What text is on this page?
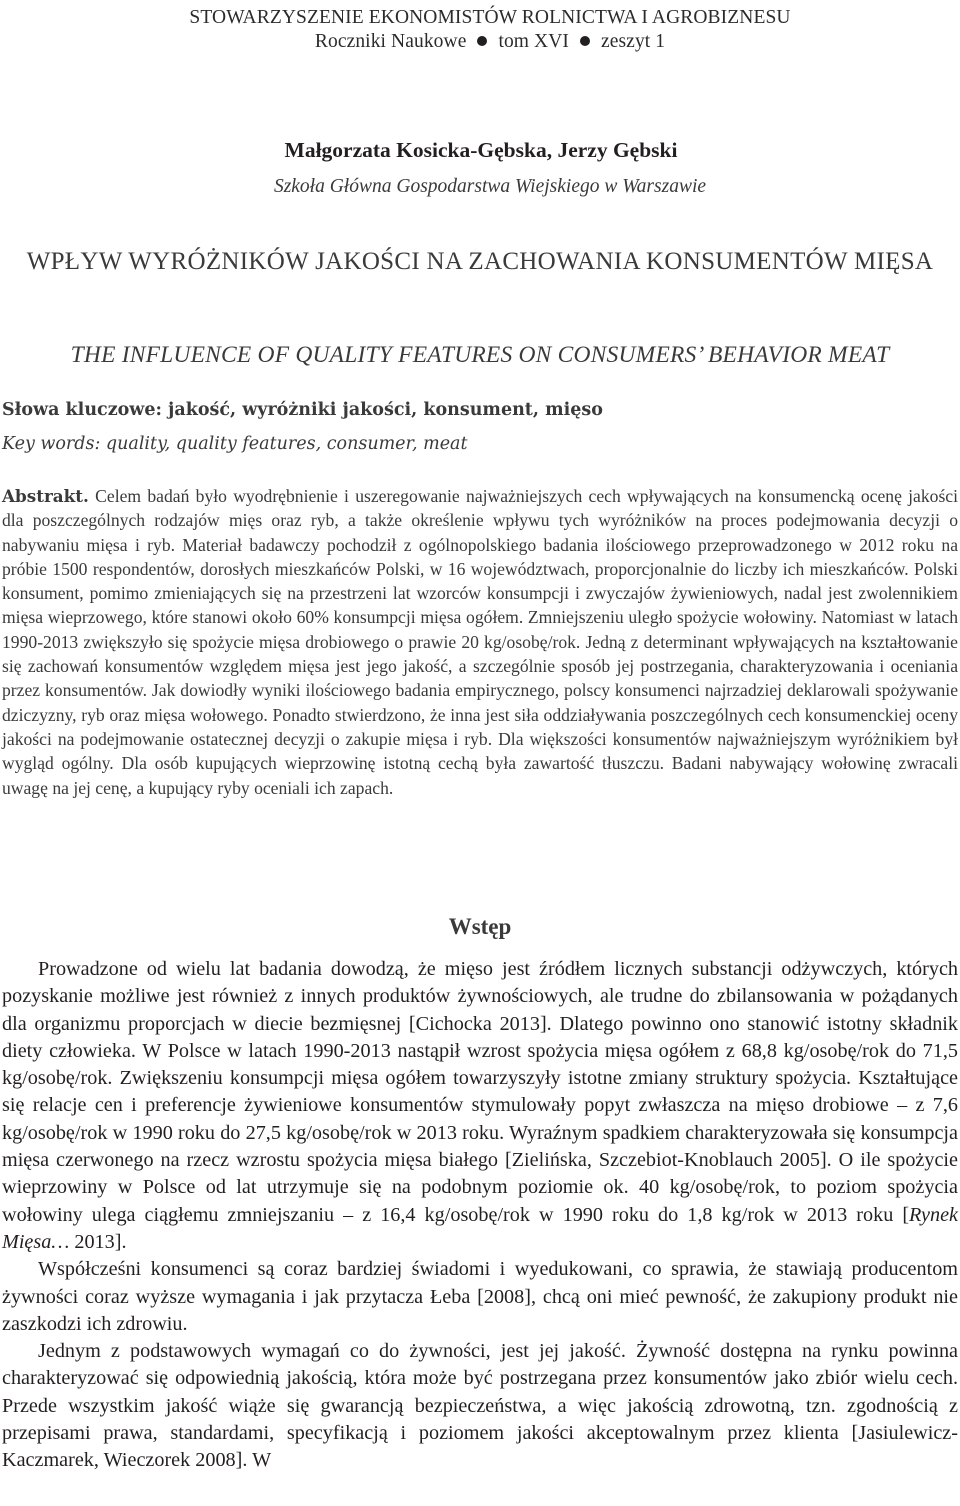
STOWARZYSZENIE EKONOMISTÓW ROLNICTWA I AGROBIZNESU
Roczniki Naukowe tom XVI zeszyt 1
Małgorzata Kosicka-Gębska, Jerzy Gębski
Szkoła Główna Gospodarstwa Wiejskiego w Warszawie
WPŁYW WYRÓŻNIKÓW JAKOŚCI NA ZACHOWANIA KONSUMENTÓW MIĘSA
THE INFLUENCE OF QUALITY FEATURES ON CONSUMERS’ BEHAVIOR MEAT
Słowa kluczowe: jakość, wyróżniki jakości, konsument, mięso
Key words: quality, quality features, consumer, meat
Abstrakt. Celem badań było wyodrębnienie i uszeregowanie najważniejszych cech wpływających na konsumencką ocenę jakości dla poszczególnych rodzajów mięs oraz ryb, a także określenie wpływu tych wyróżników na proces podejmowania decyzji o nabywaniu mięsa i ryb. Materiał badawczy pochodził z ogólnopolskiego badania ilościowego przeprowadzonego w 2012 roku na próbie 1500 respondentów, dorosłych mieszkańców Polski, w 16 województwach, proporcjonalnie do liczby ich mieszkańców. Polski konsument, pomimo zmieniających się na przestrzeni lat wzorców konsumpcji i zwyczajów żywieniowych, nadal jest zwolennikiem mięsa wieprzowego, które stanowi około 60% konsumpcji mięsa ogółem. Zmniejszeniu uległo spożycie wołowiny. Natomiast w latach 1990-2013 zwiększyło się spożycie mięsa drobiowego o prawie 20 kg/osobę/rok. Jedną z determinant wpływających na kształtowanie się zachowań konsumentów względem mięsa jest jego jakość, a szczególnie sposób jej postrzegania, charakteryzowania i oceniania przez konsumentów. Jak dowiodły wyniki ilościowego badania empirycznego, polscy konsumenci najrzadziej deklarowali spożywanie dziczyzny, ryb oraz mięsa wołowego. Ponadto stwierdzono, że inna jest siła oddziaływania poszczególnych cech konsumenckiej oceny jakości na podejmowanie ostatecznej decyzji o zakupie mięsa i ryb. Dla większości konsumentów najważniejszym wyróżnikiem był wygląd ogólny. Dla osób kupujących wieprzowinę istotną cechą była zawartość tłuszczu. Badani nabywający wołowinę zwracali uwagę na jej cenę, a kupujący ryby oceniali ich zapach.
Wstęp

Prowadzone od wielu lat badania dowodzą, że mięso jest źródłem licznych substancji odżywczych, których pozyskanie możliwe jest również z innych produktów żywnościowych, ale trudne do zbilansowania w pożądanych dla organizmu proporcjach w diecie bezmięsnej [Cichocka 2013]. Dlatego powinno ono stanowić istotny składnik diety człowieka. W Polsce w latach 1990-2013 nastąpił wzrost spożycia mięsa ogółem z 68,8 kg/osobę/rok do 71,5 kg/osobę/rok. Zwiększeniu konsumpcji mięsa ogółem towarzyszyły istotne zmiany struktury spożycia. Kształtujące się relacje cen i preferencje żywieniowe konsumentów stymulowały popyt zwłaszcza na mięso drobiowe – z 7,6 kg/osobę/rok w 1990 roku do 27,5 kg/osobę/rok w 2013 roku. Wyraźnym spadkiem charakteryzowała się konsumpcja mięsa czerwonego na rzecz wzrostu spożycia mięsa białego [Zielińska, Szczebiot-Knoblauch 2005]. O ile spożycie wieprzowiny w Polsce od lat utrzymuje się na podobnym poziomie ok. 40 kg/osobę/rok, to poziom spożycia wołowiny ulega ciągłemu zmniejszaniu – z 16,4 kg/osobę/rok w 1990 roku do 1,8 kg/rok w 2013 roku [Rynek Mięsa… 2013].

Współcześni konsumenci są coraz bardziej świadomi i wyedukowani, co sprawia, że stawiają producentom żywności coraz wyższe wymagania i jak przytacza Łeba [2008], chcą oni mieć pewność, że zakupiony produkt nie zaszkodzi ich zdrowiu.

Jednym z podstawowych wymagań co do żywności, jest jej jakość. Żywność dostępna na rynku powinna charakteryzować się odpowiednią jakością, która może być postrzegana przez konsumentów jako zbiór wielu cech. Przede wszystkim jakość wiąże się gwarancją bezpieczeństwa, a więc jakością zdrowotną, tzn. zgodnością z przepisami prawa, standardami, specyfikacją i poziomem jakości akceptowalnym przez klienta [Jasiulewicz-Kaczmarek, Wieczorek 2008]. W
